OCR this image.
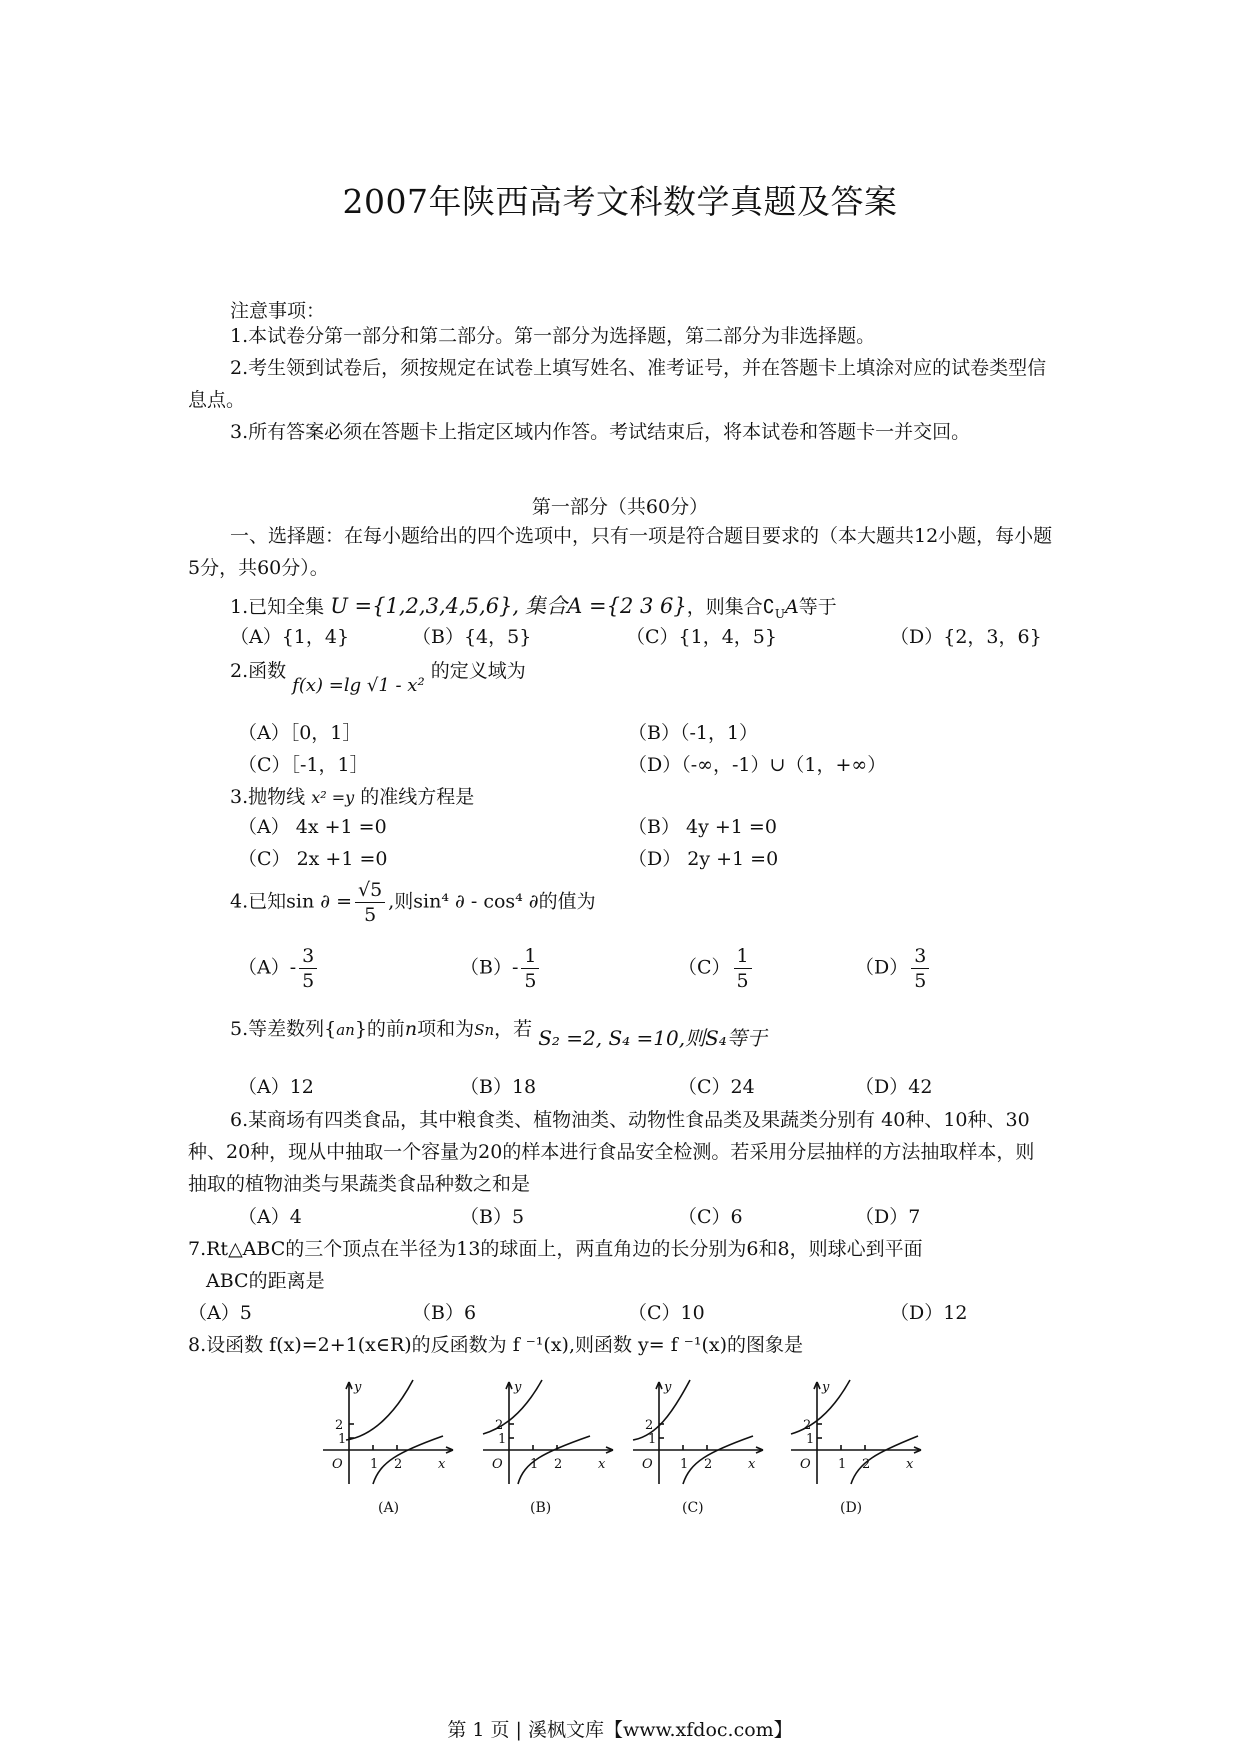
2007年陕西高考文科数学真题及答案
注意事项：
1.本试卷分第一部分和第二部分。第一部分为选择题，第二部分为非选择题。
2.考生领到试卷后，须按规定在试卷上填写姓名、准考证号，并在答题卡上填涂对应的试卷类型信息点。
3.所有答案必须在答题卡上指定区域内作答。考试结束后，将本试卷和答题卡一并交回。
第一部分（共60分）
一、选择题：在每小题给出的四个选项中，只有一项是符合题目要求的（本大题共12小题，每小题5分，共60分）。
1.已知全集 U ={1,2,3,4,5,6}, 集合A ={2 3 6}，则集合$∁_UA$等于
（A）{1，4}	（B）{4，5}	（C）{1，4，5}	（D）{2，3，6}
2.函数 f(x) =lg √1 - x² 的定义域为
（A）［0，1］	（B）（-1，1）
（C）［-1，1］	（D）（-∞，-1）∪（1，+∞）
3.抛物线 x² =y 的准线方程是
（A） 4x +1 =0	（B） 4y +1 =0
（C） 2x +1 =0	（D） 2y +1 =0
4.已知sin ∂ = $\frac{√5}{5}$ ,则sin⁴ ∂ - cos⁴ ∂的值为
$(A)- \frac{3}{5}$	$(B)- \frac{1}{5}$	$(C) \frac{1}{5}$	$(D) \frac{3}{5}$
5.等差数列{an}的前n项和为Sn，若 S₂ =2, S₄ =10,则S₄等于
（A）12	（B）18	（C）24	（D）42
6.某商场有四类食品，其中粮食类、植物油类、动物性食品类及果蔬类分别有 40种、10种、30种、20种，现从中抽取一个容量为20的样本进行食品安全检测。若采用分层抽样的方法抽取样本，则抽取的植物油类与果蔬类食品种数之和是
（A）4	（B）5	（C）6	（D）7
7.Rt△ABC的三个顶点在半径为13的球面上，两直角边的长分别为6和8，则球心到平面
ABC的距离是
（A）5	（B）6	（C）10	（D）12
8.设函数 f(x)=2+1(x∈R)的反函数为 f ⁻¹(x),则函数 y= f ⁻¹(x)的图象是
y
x
O
2
1
1 2
(A)
y
x
O
2
1
1 2
(B)
y
x
O
2
1
1 2
(C)
y
x
O
2
1
1 2
(D)
第 1 页 | 溪枫文库【www.xfdoc.com】
